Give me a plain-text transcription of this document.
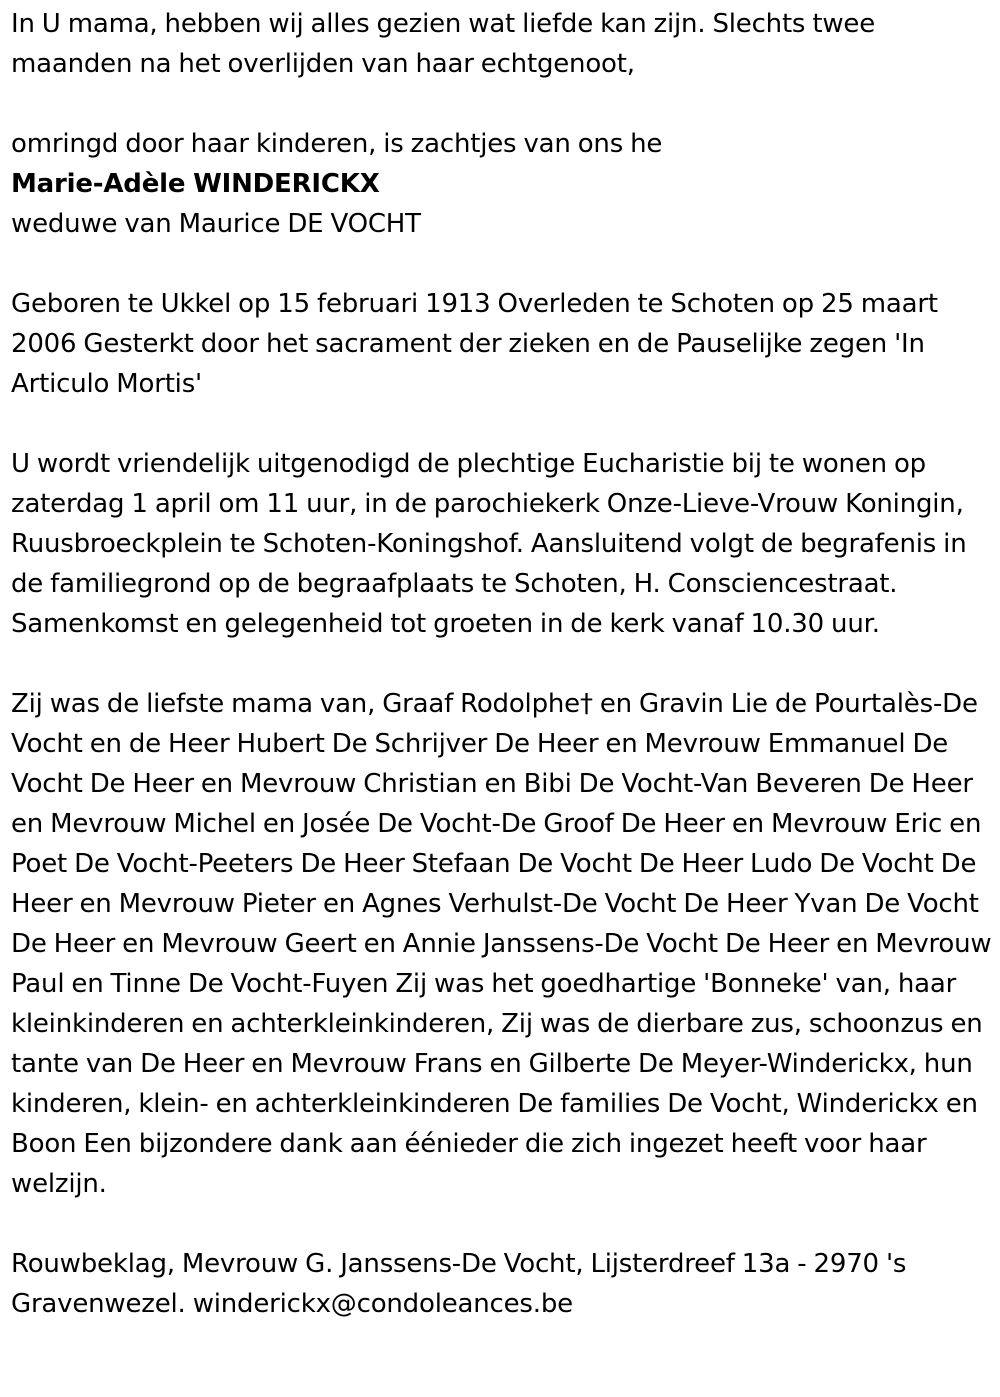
In U mama, hebben wij alles gezien wat liefde kan zijn. Slechts twee maanden na het overlijden van haar echtgenoot,

omringd door haar kinderen, is zachtjes van ons he

Marie-Adèle WINDERICKX

weduwe van Maurice DE VOCHT

Geboren te Ukkel op 15 februari 1913 Overleden te Schoten op 25 maart 2006 Gesterkt door het sacrament der zieken en de Pauselijke zegen 'In Articulo Mortis'

U wordt vriendelijk uitgenodigd de plechtige Eucharistie bij te wonen op zaterdag 1 april om 11 uur, in de parochiekerk Onze-Lieve-Vrouw Koningin, Ruusbroeckplein te Schoten-Koningshof. Aansluitend volgt de begrafenis in de familiegrond op de begraafplaats te Schoten, H. Consciencestraat. Samenkomst en gelegenheid tot groeten in de kerk vanaf 10.30 uur.

Zij was de liefste mama van, Graaf Rodolphe† en Gravin Lie de Pourtalès-De Vocht en de Heer Hubert De Schrijver De Heer en Mevrouw Emmanuel De Vocht De Heer en Mevrouw Christian en Bibi De Vocht-Van Beveren De Heer en Mevrouw Michel en Josée De Vocht-De Groof De Heer en Mevrouw Eric en Poet De Vocht-Peeters De Heer Stefaan De Vocht De Heer Ludo De Vocht De Heer en Mevrouw Pieter en Agnes Verhulst-De Vocht De Heer Yvan De Vocht De Heer en Mevrouw Geert en Annie Janssens-De Vocht De Heer en Mevrouw Paul en Tinne De Vocht-Fuyen Zij was het goedhartige 'Bonneke' van, haar kleinkinderen en achterkleinkinderen, Zij was de dierbare zus, schoonzus en tante van De Heer en Mevrouw Frans en Gilberte De Meyer-Winderickx, hun kinderen, klein- en achterkleinkinderen De families De Vocht, Winderickx en Boon Een bijzondere dank aan éénieder die zich ingezet heeft voor haar welzijn.

Rouwbeklag, Mevrouw G. Janssens-De Vocht, Lijsterdreef 13a - 2970 's Gravenwezel. winderickx@condoleances.be
